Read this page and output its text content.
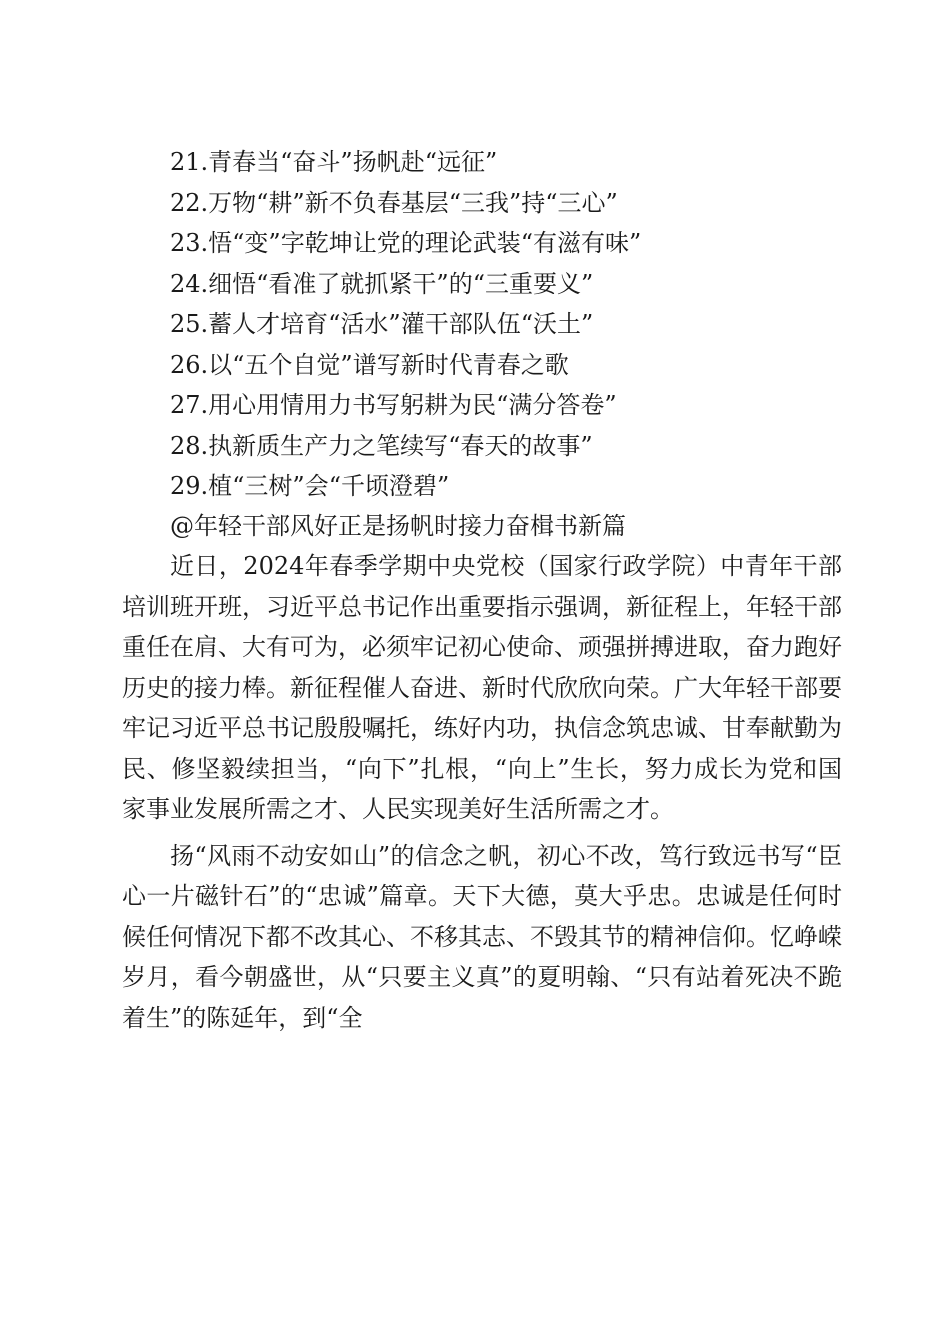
21.青春当“奋斗”扬帆赴“远征”
22.万物“耕”新不负春基层“三我”持“三心”
23.悟“变”字乾坤让党的理论武装“有滋有味”
24.细悟“看准了就抓紧干”的“三重要义”
25.蓄人才培育“活水”灌干部队伍“沃土”
26.以“五个自觉”谱写新时代青春之歌
27.用心用情用力书写躬耕为民“满分答卷”
28.执新质生产力之笔续写“春天的故事”
29.植“三树”会“千顷澄碧”
@年轻干部风好正是扬帆时接力奋楫书新篇

近日，2024年春季学期中央党校（国家行政学院）中青年干部培训班开班，习近平总书记作出重要指示强调，新征程上，年轻干部重任在肩、大有可为，必须牢记初心使命、顽强拼搏进取，奋力跑好历史的接力棒。新征程催人奋进、新时代欣欣向荣。广大年轻干部要牢记习近平总书记殷殷嘱托，练好内功，执信念筑忠诚、甘奉献勤为民、修坚毅续担当，“向下”扎根，“向上”生长，努力成长为党和国家事业发展所需之才、人民实现美好生活所需之才。

扬“风雨不动安如山”的信念之帆，初心不改，笃行致远书写“臣心一片磁针石”的“忠诚”篇章。天下大德，莫大乎忠。忠诚是任何时候任何情况下都不改其心、不移其志、不毁其节的精神信仰。忆峥嵘岁月，看今朝盛世，从“只要主义真”的夏明翰、“只有站着死决不跪着生”的陈延年，到“全
